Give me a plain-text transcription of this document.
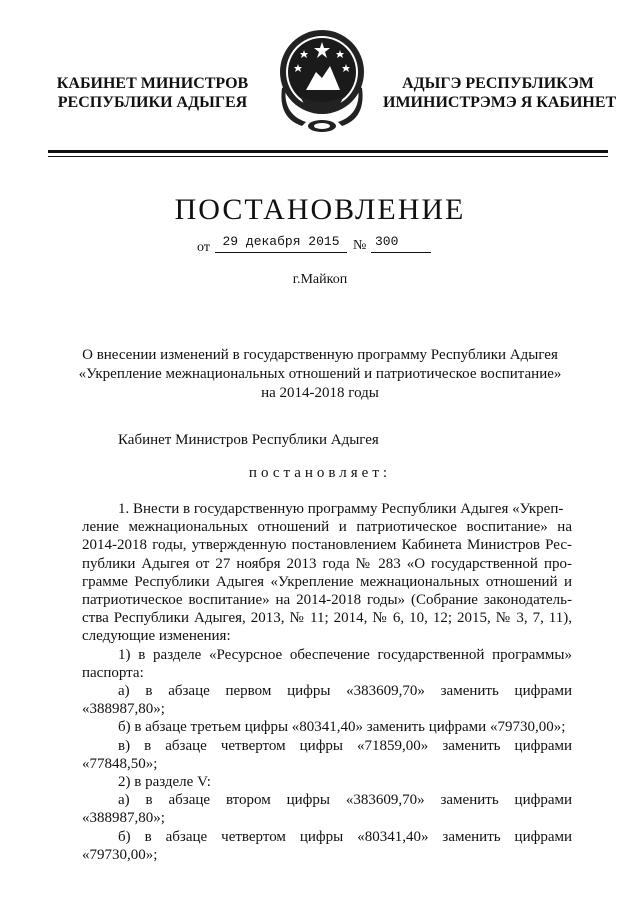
КАБИНЕТ МИНИСТРОВ
РЕСПУБЛИКИ АДЫГЕЯ
АДЫГЭ РЕСПУБЛИКЭМ
ИМИНИСТРЭМЭ Я КАБИНЕТ
ПОСТАНОВЛЕНИЕ
от 29 декабря 2015 № 300
г.Майкоп
О внесении изменений в государственную программу Республики Адыгея
«Укрепление межнациональных отношений и патриотическое воспитание»
на 2014-2018 годы
Кабинет Министров Республики Адыгея
постановляет:
1. Внести в государственную программу Республики Адыгея «Укреп-
ление межнациональных отношений и патриотическое воспитание» на
2014-2018 годы, утвержденную постановлением Кабинета Министров Рес-
публики Адыгея от 27 ноября 2013 года № 283 «О государственной про-
грамме Республики Адыгея «Укрепление межнациональных отношений и
патриотическое воспитание» на 2014-2018 годы» (Собрание законодатель-
ства Республики Адыгея, 2013, № 11; 2014, № 6, 10, 12; 2015, № 3, 7, 11),
следующие изменения:
1) в разделе «Ресурсное обеспечение государственной программы»
паспорта:
а) в абзаце первом цифры «383609,70» заменить цифрами
«388987,80»;
б) в абзаце третьем цифры «80341,40» заменить цифрами «79730,00»;
в) в абзаце четвертом цифры «71859,00» заменить цифрами
«77848,50»;
2) в разделе V:
а) в абзаце втором цифры «383609,70» заменить цифрами
«388987,80»;
б) в абзаце четвертом цифры «80341,40» заменить цифрами
«79730,00»;
